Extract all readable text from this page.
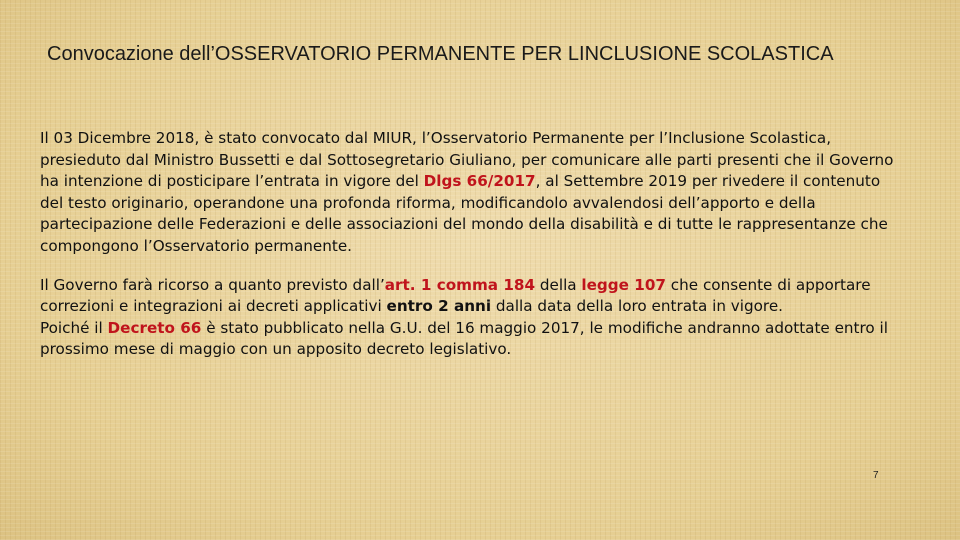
Convocazione dell’OSSERVATORIO PERMANENTE PER LINCLUSIONE SCOLASTICA

Il 03 Dicembre 2018, è stato convocato dal MIUR, l’Osservatorio Permanente per l’Inclusione Scolastica, presieduto dal Ministro Bussetti e dal Sottosegretario Giuliano, per comunicare alle parti presenti che il Governo ha intenzione di posticipare l’entrata in vigore del Dlgs 66/2017, al Settembre 2019 per rivedere il contenuto del testo originario, operandone una profonda riforma, modificandolo avvalendosi dell’apporto e della partecipazione delle Federazioni e delle associazioni del mondo della disabilità e di tutte le rappresentanze che compongono l’Osservatorio permanente.

Il Governo farà ricorso a quanto previsto dall’art. 1 comma 184 della legge 107 che consente di apportare correzioni e integrazioni ai decreti applicativi entro 2 anni dalla data della loro entrata in vigore.

Poiché il Decreto 66 è stato pubblicato nella G.U. del 16 maggio 2017, le modifiche andranno adottate entro il prossimo mese di maggio con un apposito decreto legislativo.

7
